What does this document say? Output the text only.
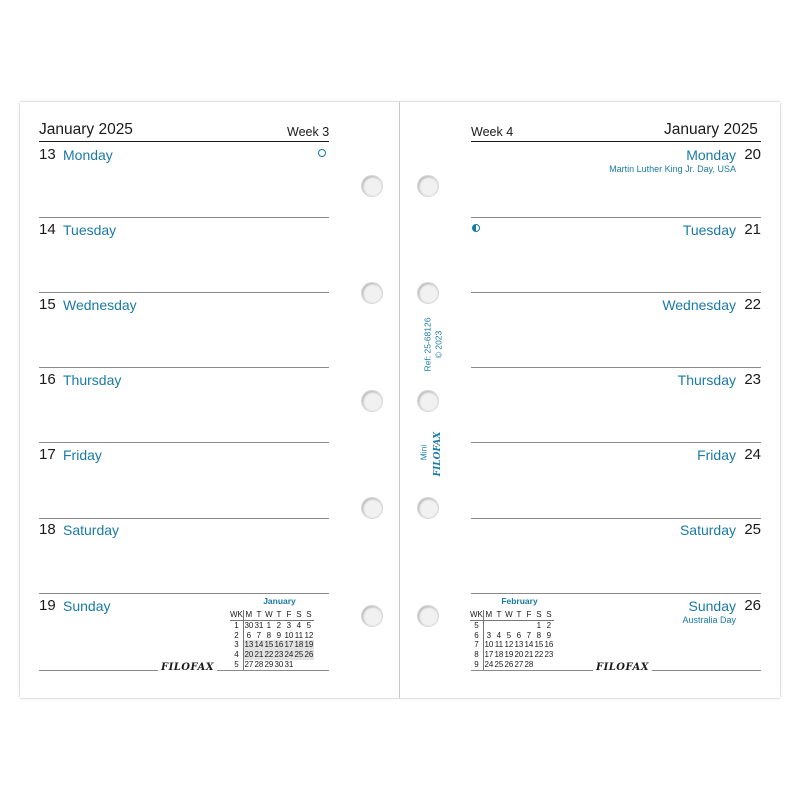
January 2025	Week 3
13 Monday
14 Tuesday
15 Wednesday
16 Thursday
17 Friday
18 Saturday
19 Sunday	January
WK	M	T	W	T	F	S	S
1	30	31	1	2	3	4	5
2	6	7	8	9	10	11	12
3	13	14	15	16	17	18	19
4	20	21	22	23	24	25	26
5	27	28	29	30	31		
FILOFAX
Week 4	January 2025
Monday 20
Martin Luther King Jr. Day, USA
Tuesday 21
Wednesday 22
Thursday 23
Friday 24
Saturday 25
Sunday 26
Australia Day
February
WK	M	T	W	T	F	S	S
5						1	2
6	3	4	5	6	7	8	9
7	10	11	12	13	14	15	16
8	17	18	19	20	21	22	23
9	24	25	26	27	28			FILOFAX
Ref: 25-68126 © 2023
Mini FILOFAX
